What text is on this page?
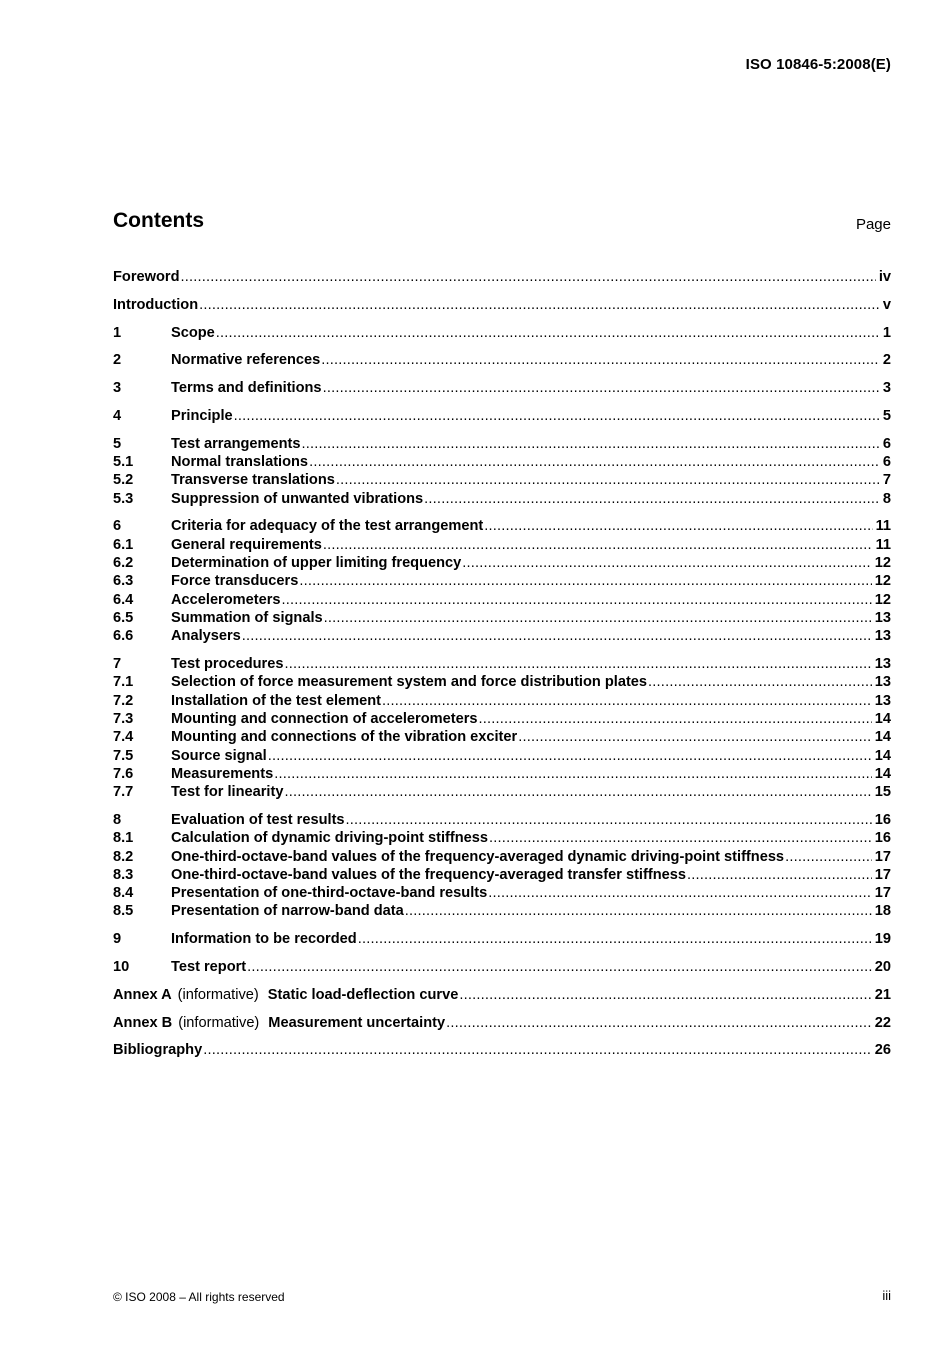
ISO 10846-5:2008(E)
Contents	Page
Foreword .....	iv
Introduction .....	v
1	Scope .....	1
2	Normative references .....	2
3	Terms and definitions .....	3
4	Principle .....	5
5	Test arrangements .....	6
5.1	Normal translations .....	6
5.2	Transverse translations .....	7
5.3	Suppression of unwanted vibrations .....	8
6	Criteria for adequacy of the test arrangement .....	11
6.1	General requirements .....	11
6.2	Determination of upper limiting frequency .....	12
6.3	Force transducers .....	12
6.4	Accelerometers .....	12
6.5	Summation of signals .....	13
6.6	Analysers .....	13
7	Test procedures .....	13
7.1	Selection of force measurement system and force distribution plates .....	13
7.2	Installation of the test element .....	13
7.3	Mounting and connection of accelerometers .....	14
7.4	Mounting and connections of the vibration exciter .....	14
7.5	Source signal .....	14
7.6	Measurements .....	14
7.7	Test for linearity .....	15
8	Evaluation of test results .....	16
8.1	Calculation of dynamic driving-point stiffness .....	16
8.2	One-third-octave-band values of the frequency-averaged dynamic driving-point stiffness .....	17
8.3	One-third-octave-band values of the frequency-averaged transfer stiffness .....	17
8.4	Presentation of one-third-octave-band results .....	17
8.5	Presentation of narrow-band data .....	18
9	Information to be recorded .....	19
10	Test report .....	20
Annex A (informative) Static load-deflection curve .....	21
Annex B (informative) Measurement uncertainty .....	22
Bibliography .....	26
© ISO 2008 – All rights reserved	iii
